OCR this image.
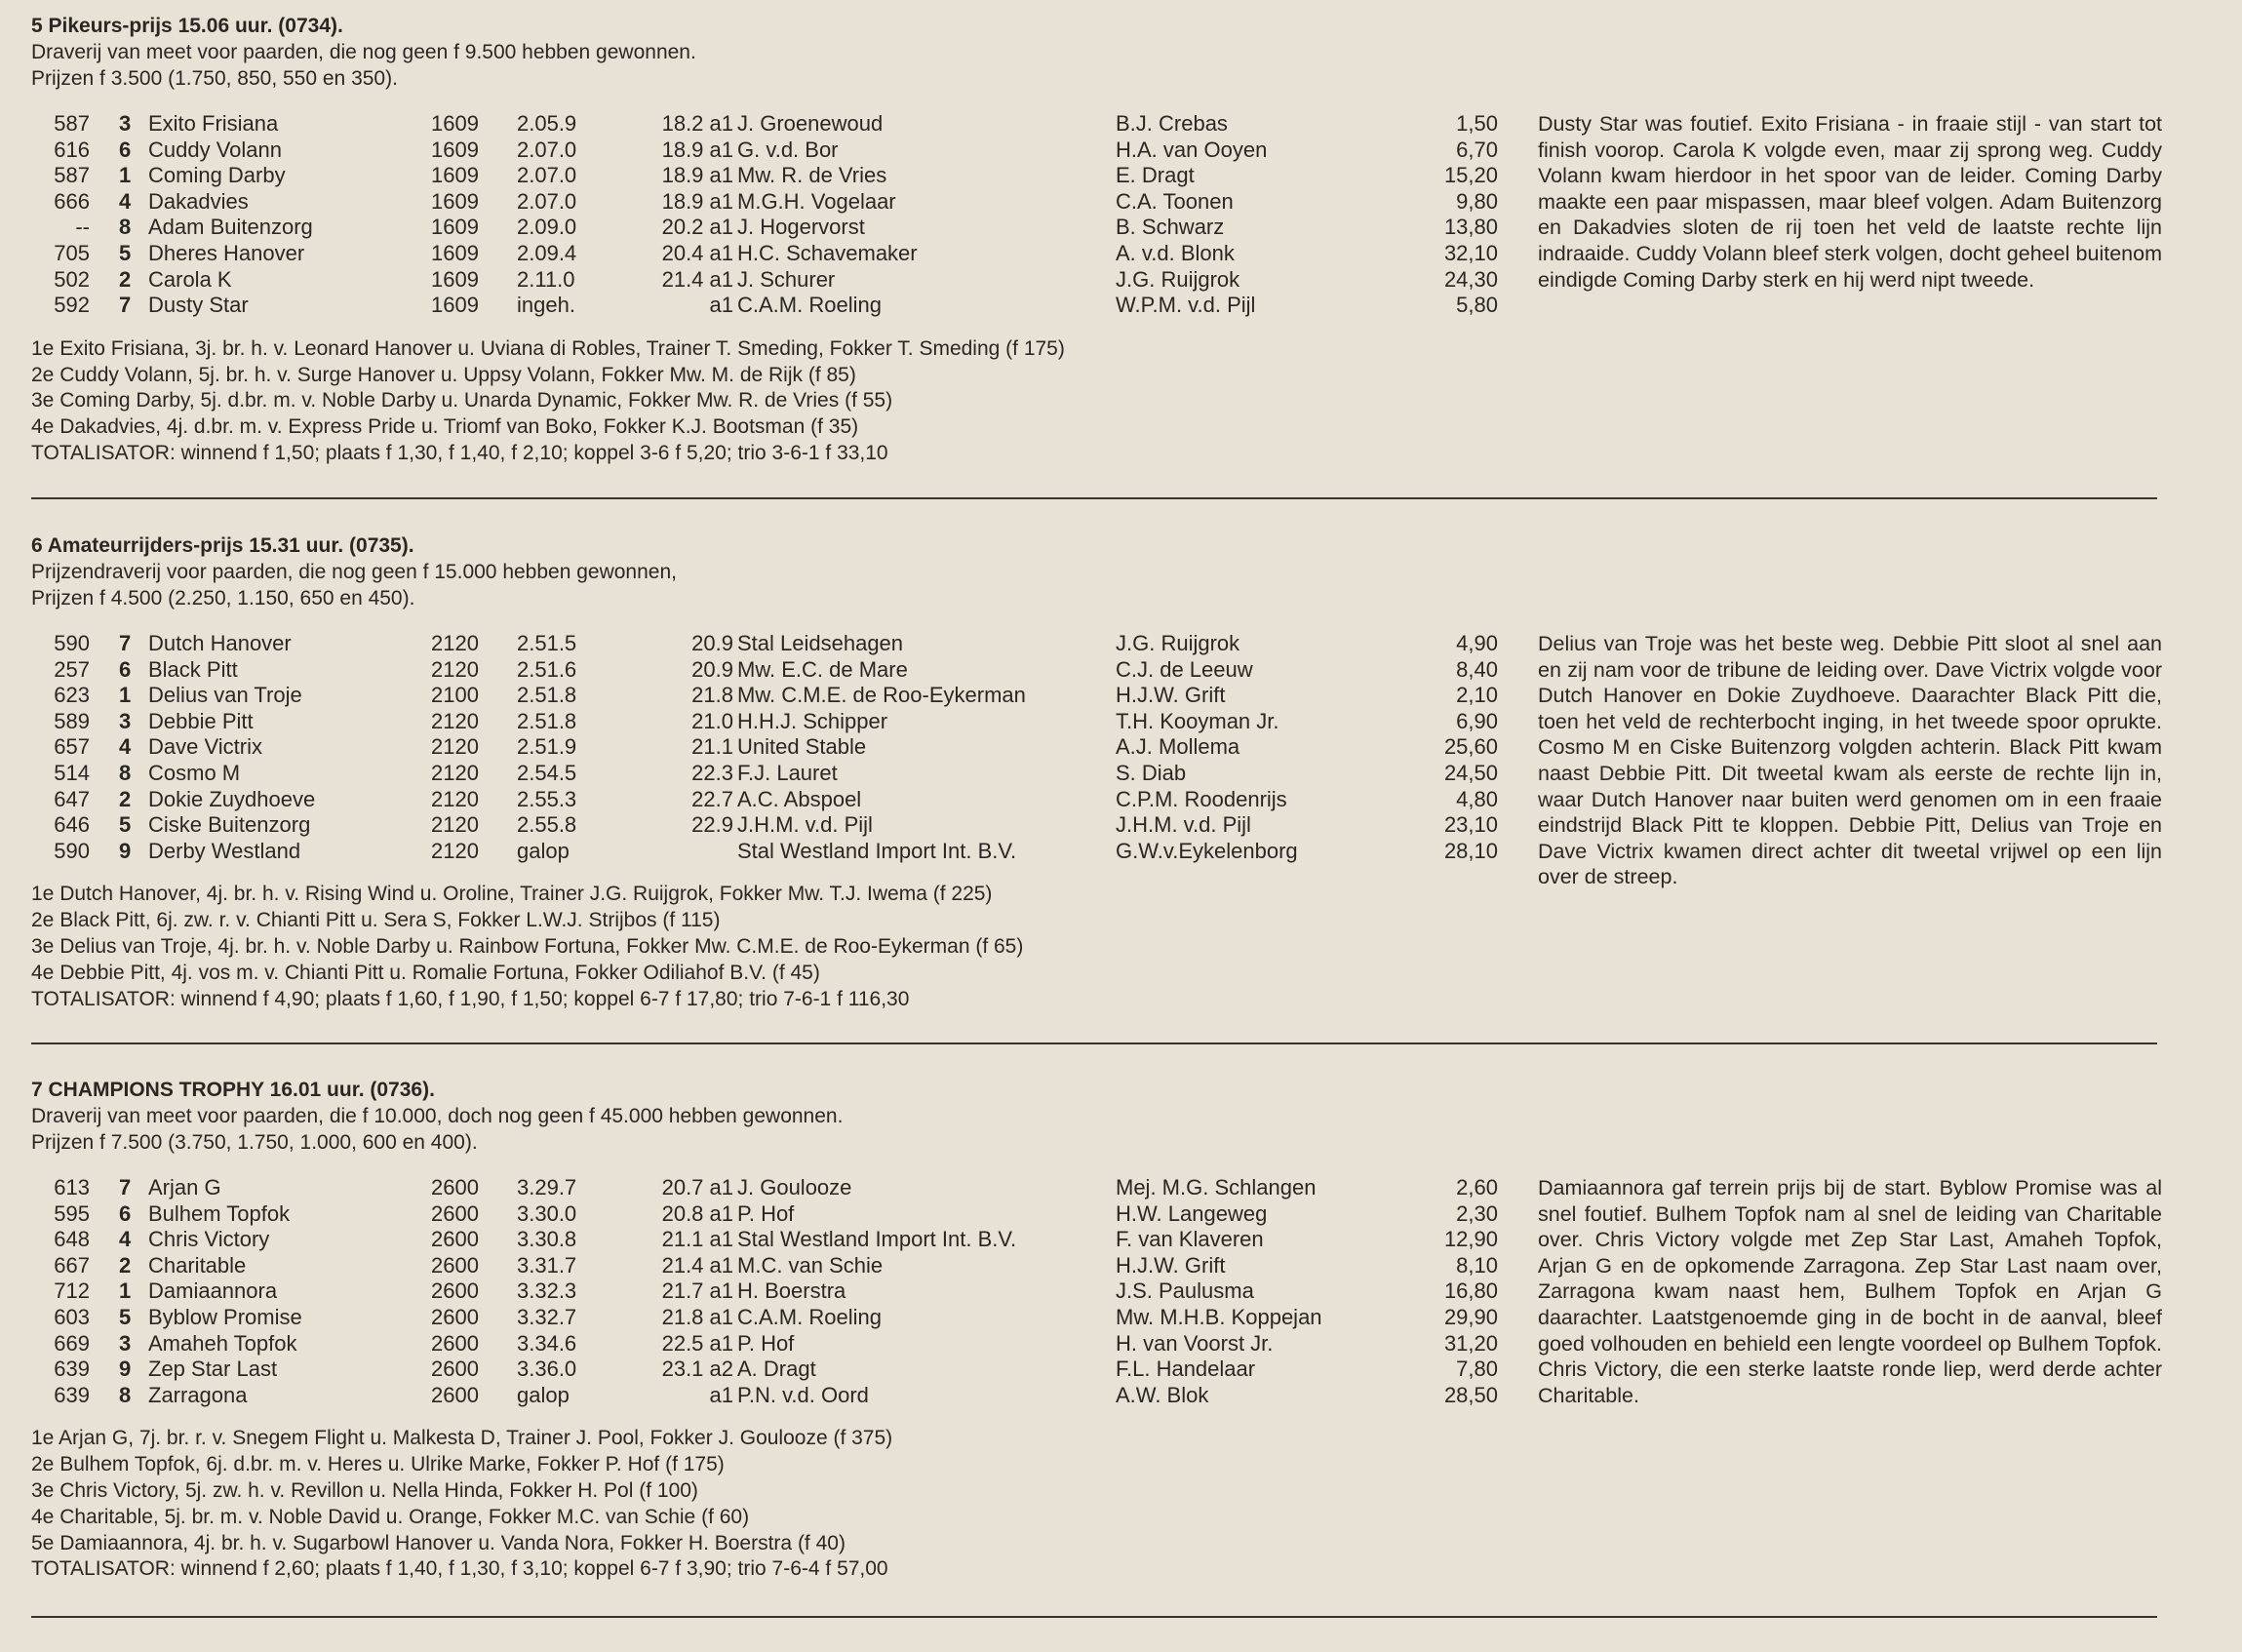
5 Pikeurs-prijs 15.06 uur. (0734).
Draverij van meet voor paarden, die nog geen f 9.500 hebben gewonnen.
Prijzen f 3.500 (1.750, 850, 550 en 350).
587 3 Exito Frisiana	1609 2.05.9	18.2 a1 J. Groenewoud	B.J. Crebas	1,50
616 6 Cuddy Volann	1609 2.07.0	18.9 a1 G. v.d. Bor	H.A. van Ooyen	6,70
587 1 Coming Darby	1609 2.07.0	18.9 a1 Mw. R. de Vries	E. Dragt	15,20
666 4 Dakadvies	1609 2.07.0	18.9 a1 M.G.H. Vogelaar	C.A. Toonen	9,80
-- 8 Adam Buitenzorg	1609 2.09.0	20.2 a1 J. Hogervorst	B. Schwarz	13,80
705 5 Dheres Hanover	1609 2.09.4	20.4 a1 H.C. Schavemaker	A. v.d. Blonk	32,10
502 2 Carola K	1609 2.11.0	21.4 a1 J. Schurer	J.G. Ruijgrok	24,30
592 7 Dusty Star	1609 ingeh.	a1 C.A.M. Roeling	W.P.M. v.d. Pijl	5,80
Dusty Star was foutief. Exito Frisiana - in fraaie stijl - van start tot finish voorop. Carola K volgde even, maar zij sprong weg. Cuddy Volann kwam hierdoor in het spoor van de leider. Coming Darby maakte een paar mispassen, maar bleef volgen. Adam Buitenzorg en Dakadvies sloten de rij toen het veld de laatste rechte lijn indraaide. Cuddy Volann bleef sterk volgen, docht geheel buitenom eindigde Coming Darby sterk en hij werd nipt tweede.
1e Exito Frisiana, 3j. br. h. v. Leonard Hanover u. Uviana di Robles, Trainer T. Smeding, Fokker T. Smeding (f 175)
2e Cuddy Volann, 5j. br. h. v. Surge Hanover u. Uppsy Volann, Fokker Mw. M. de Rijk (f 85)
3e Coming Darby, 5j. d.br. m. v. Noble Darby u. Unarda Dynamic, Fokker Mw. R. de Vries (f 55)
4e Dakadvies, 4j. d.br. m. v. Express Pride u. Triomf van Boko, Fokker K.J. Bootsman (f 35)
TOTALISATOR: winnend f 1,50; plaats f 1,30, f 1,40, f 2,10; koppel 3-6 f 5,20; trio 3-6-1 f 33,10
6 Amateurrijders-prijs 15.31 uur. (0735).
Prijzendraverij voor paarden, die nog geen f 15.000 hebben gewonnen,
Prijzen f 4.500 (2.250, 1.150, 650 en 450).
590 7 Dutch Hanover	2120 2.51.5	20.9 Stal Leidsehagen	J.G. Ruijgrok	4,90
257 6 Black Pitt	2120 2.51.6	20.9 Mw. E.C. de Mare	C.J. de Leeuw	8,40
623 1 Delius van Troje	2100 2.51.8	21.8 Mw. C.M.E. de Roo-Eykerman	H.J.W. Grift	2,10
589 3 Debbie Pitt	2120 2.51.8	21.0 H.H.J. Schipper	T.H. Kooyman Jr.	6,90
657 4 Dave Victrix	2120 2.51.9	21.1 United Stable	A.J. Mollema	25,60
514 8 Cosmo M	2120 2.54.5	22.3 F.J. Lauret	S. Diab	24,50
647 2 Dokie Zuydhoeve	2120 2.55.3	22.7 A.C. Abspoel	C.P.M. Roodenrijs	4,80
646 5 Ciske Buitenzorg	2120 2.55.8	22.9 J.H.M. v.d. Pijl	J.H.M. v.d. Pijl	23,10
590 9 Derby Westland	2120 galop	Stal Westland Import Int. B.V.	G.W.v.Eykelenborg	28,10
Delius van Troje was het beste weg. Debbie Pitt sloot al snel aan en zij nam voor de tribune de leiding over. Dave Victrix volgde voor Dutch Hanover en Dokie Zuydhoeve. Daarachter Black Pitt die, toen het veld de rechterbocht inging, in het tweede spoor oprukte. Cosmo M en Ciske Buitenzorg volgden achterin. Black Pitt kwam naast Debbie Pitt. Dit tweetal kwam als eerste de rechte lijn in, waar Dutch Hanover naar buiten werd genomen om in een fraaie eindstrijd Black Pitt te kloppen. Debbie Pitt, Delius van Troje en Dave Victrix kwamen direct achter dit tweetal vrijwel op een lijn over de streep.
1e Dutch Hanover, 4j. br. h. v. Rising Wind u. Oroline, Trainer J.G. Ruijgrok, Fokker Mw. T.J. Iwema (f 225)
2e Black Pitt, 6j. zw. r. v. Chianti Pitt u. Sera S, Fokker L.W.J. Strijbos (f 115)
3e Delius van Troje, 4j. br. h. v. Noble Darby u. Rainbow Fortuna, Fokker Mw. C.M.E. de Roo-Eykerman (f 65)
4e Debbie Pitt, 4j. vos m. v. Chianti Pitt u. Romalie Fortuna, Fokker Odiliahof B.V. (f 45)
TOTALISATOR: winnend f 4,90; plaats f 1,60, f 1,90, f 1,50; koppel 6-7 f 17,80; trio 7-6-1 f 116,30
7 CHAMPIONS TROPHY 16.01 uur. (0736).
Draverij van meet voor paarden, die f 10.000, doch nog geen f 45.000 hebben gewonnen.
Prijzen f 7.500 (3.750, 1.750, 1.000, 600 en 400).
613 7 Arjan G	2600 3.29.7	20.7 a1 J. Goulooze	Mej. M.G. Schlangen	2,60
595 6 Bulhem Topfok	2600 3.30.0	20.8 a1 P. Hof	H.W. Langeweg	2,30
648 4 Chris Victory	2600 3.30.8	21.1 a1 Stal Westland Import Int. B.V.	F. van Klaveren	12,90
667 2 Charitable	2600 3.31.7	21.4 a1 M.C. van Schie	H.J.W. Grift	8,10
712 1 Damiaannora	2600 3.32.3	21.7 a1 H. Boerstra	J.S. Paulusma	16,80
603 5 Byblow Promise	2600 3.32.7	21.8 a1 C.A.M. Roeling	Mw. M.H.B. Koppejan	29,90
669 3 Amaheh Topfok	2600 3.34.6	22.5 a1 P. Hof	H. van Voorst Jr.	31,20
639 9 Zep Star Last	2600 3.36.0	23.1 a2 A. Dragt	F.L. Handelaar	7,80
639 8 Zarragona	2600 galop	a1 P.N. v.d. Oord	A.W. Blok	28,50
Damiaannora gaf terrein prijs bij de start. Byblow Promise was al snel foutief. Bulhem Topfok nam al snel de leiding van Charitable over. Chris Victory volgde met Zep Star Last, Amaheh Topfok, Arjan G en de opkomende Zarragona. Zep Star Last naam over, Zarragona kwam naast hem, Bulhem Topfok en Arjan G daarachter. Laatstgenoemde ging in de bocht in de aanval, bleef goed volhouden en behield een lengte voordeel op Bulhem Topfok. Chris Victory, die een sterke laatste ronde liep, werd derde achter Charitable.
1e Arjan G, 7j. br. r. v. Snegem Flight u. Malkesta D, Trainer J. Pool, Fokker J. Goulooze (f 375)
2e Bulhem Topfok, 6j. d.br. m. v. Heres u. Ulrike Marke, Fokker P. Hof (f 175)
3e Chris Victory, 5j. zw. h. v. Revillon u. Nella Hinda, Fokker H. Pol (f 100)
4e Charitable, 5j. br. m. v. Noble David u. Orange, Fokker M.C. van Schie (f 60)
5e Damiaannora, 4j. br. h. v. Sugarbowl Hanover u. Vanda Nora, Fokker H. Boerstra (f 40)
TOTALISATOR: winnend f 2,60; plaats f 1,40, f 1,30, f 3,10; koppel 6-7 f 3,90; trio 7-6-4 f 57,00
